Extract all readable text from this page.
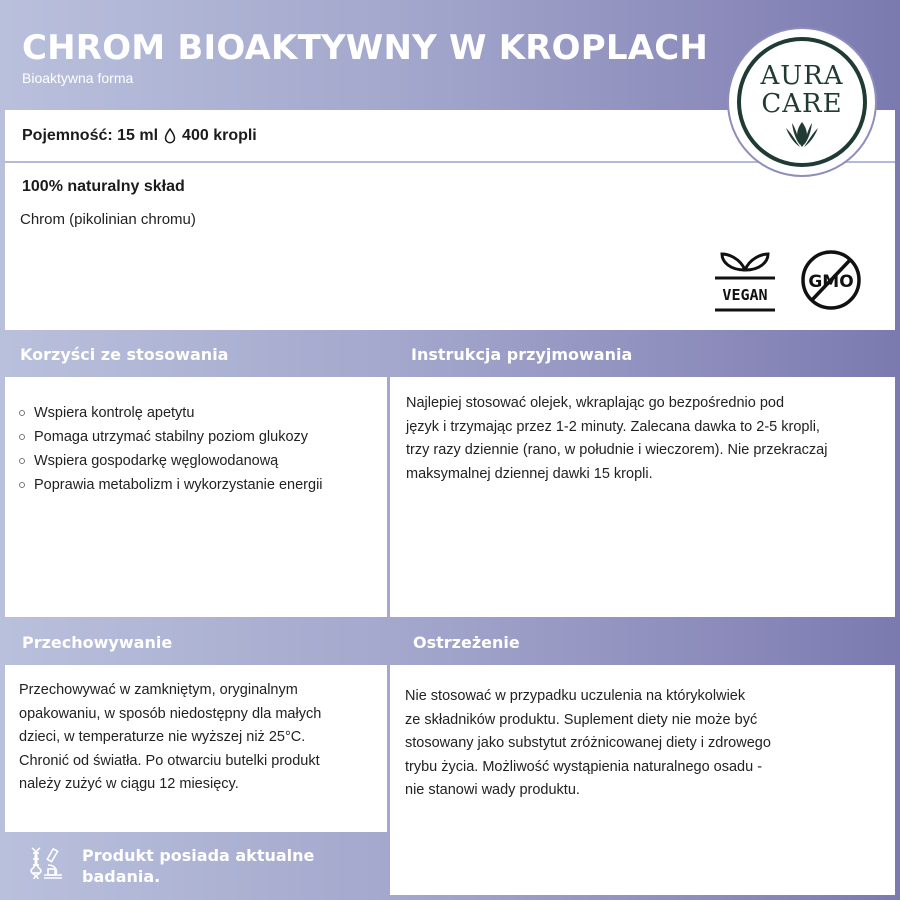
CHROM BIOAKTYWNY W KROPLACH
Bioaktywna forma
Pojemność: 15 ml 400 kropli
100% naturalny skład
Chrom (pikolinian chromu)
AURA
CARE
VEGAN
GMO
Korzyści ze stosowania	Instrukcja przyjmowania
Wspiera kontrolę apetytu
Pomaga utrzymać stabilny poziom glukozy
Wspiera gospodarkę węglowodanową
Poprawia metabolizm i wykorzystanie energii
Najlepiej stosować olejek, wkraplając go bezpośrednio pod
język i trzymając przez 1-2 minuty. Zalecana dawka to 2-5 kropli,
trzy razy dziennie (rano, w południe i wieczorem). Nie przekraczaj
maksymalnej dziennej dawki 15 kropli.
Przechowywanie	Ostrzeżenie
Przechowywać w zamkniętym, oryginalnym
opakowaniu, w sposób niedostępny dla małych
dzieci, w temperaturze nie wyższej niż 25°C.
Chronić od światła. Po otwarciu butelki produkt
należy zużyć w ciągu 12 miesięcy.
Nie stosować w przypadku uczulenia na którykolwiek
ze składników produktu. Suplement diety nie może być
stosowany jako substytut zróżnicowanej diety i zdrowego
trybu życia. Możliwość wystąpienia naturalnego osadu -
nie stanowi wady produktu.
Produkt posiada aktualne
badania.
